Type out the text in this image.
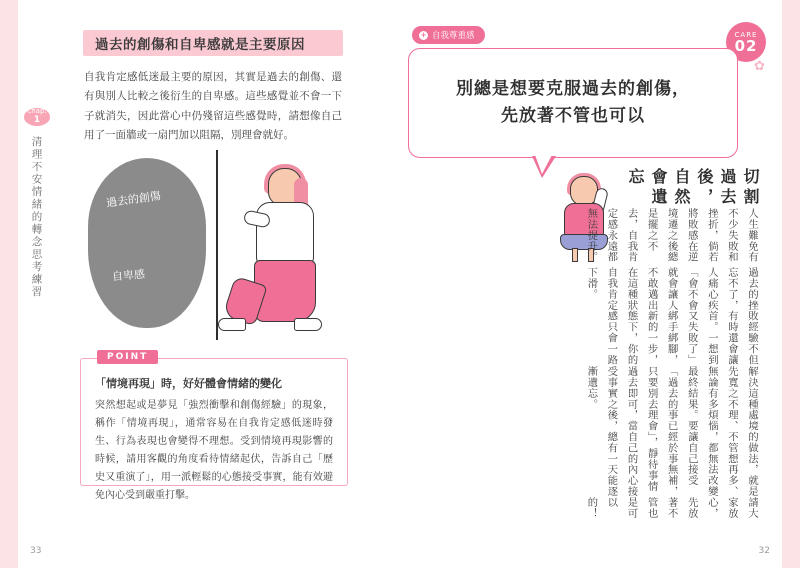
chap.
1
清理不安情緒的轉念思考練習
過去的創傷和自卑感就是主要原因
自我肯定感低迷最主要的原因，其實是過去的創傷、還有與別人比較之後衍生的自卑感。這些感覺並不會一下子就消失，因此當心中仍殘留這些感覺時，請想像自己用了一面牆或一扇門加以阻隔，別理會就好。
過去的創傷
自卑感
POINT
「情境再現」時，好好體會情緒的變化
突然想起或是夢見「強烈衝擊和創傷經驗」的現象，稱作「情境再現」，通常容易在自我肯定感低迷時發生、行為表現也會變得不理想。受到情境再現影響的時候，請用客觀的角度看待情緒起伏，告訴自己「歷史又重演了」，用一派輕鬆的心態接受事實，能有效避免內心受到嚴重打擊。
33
+ 自我尊重感	CARE
02
✿
別總是想要克服過去的創傷，
先放著不管也可以
切割過去後，自然會遺忘
人生難免有不少失敗和挫折，倘若將敗感在逆境遷之後總是擺之不去，自我肯定感永遠都無法提升。
過去的挫敗經驗不但忘不了，有時還會讓人痛心疾首。一想到「會不會又失敗了」就會讓人綁手綁腳，不敢邁出新的一步，在這種狀態下，你的自我肯定感只會一路下滑。
解決這種處境的做法，就是先寬之不理、不管想再多、無論有多煩惱，都無法改變最終結果。要讓自己接受「過去的事已經於事無補，只要別去理會」，靜待事情過去即可，當自己的內心接受事實之後，總有一天能逐漸遺忘。
請大家放心，先放著不管也是可以的！
32
